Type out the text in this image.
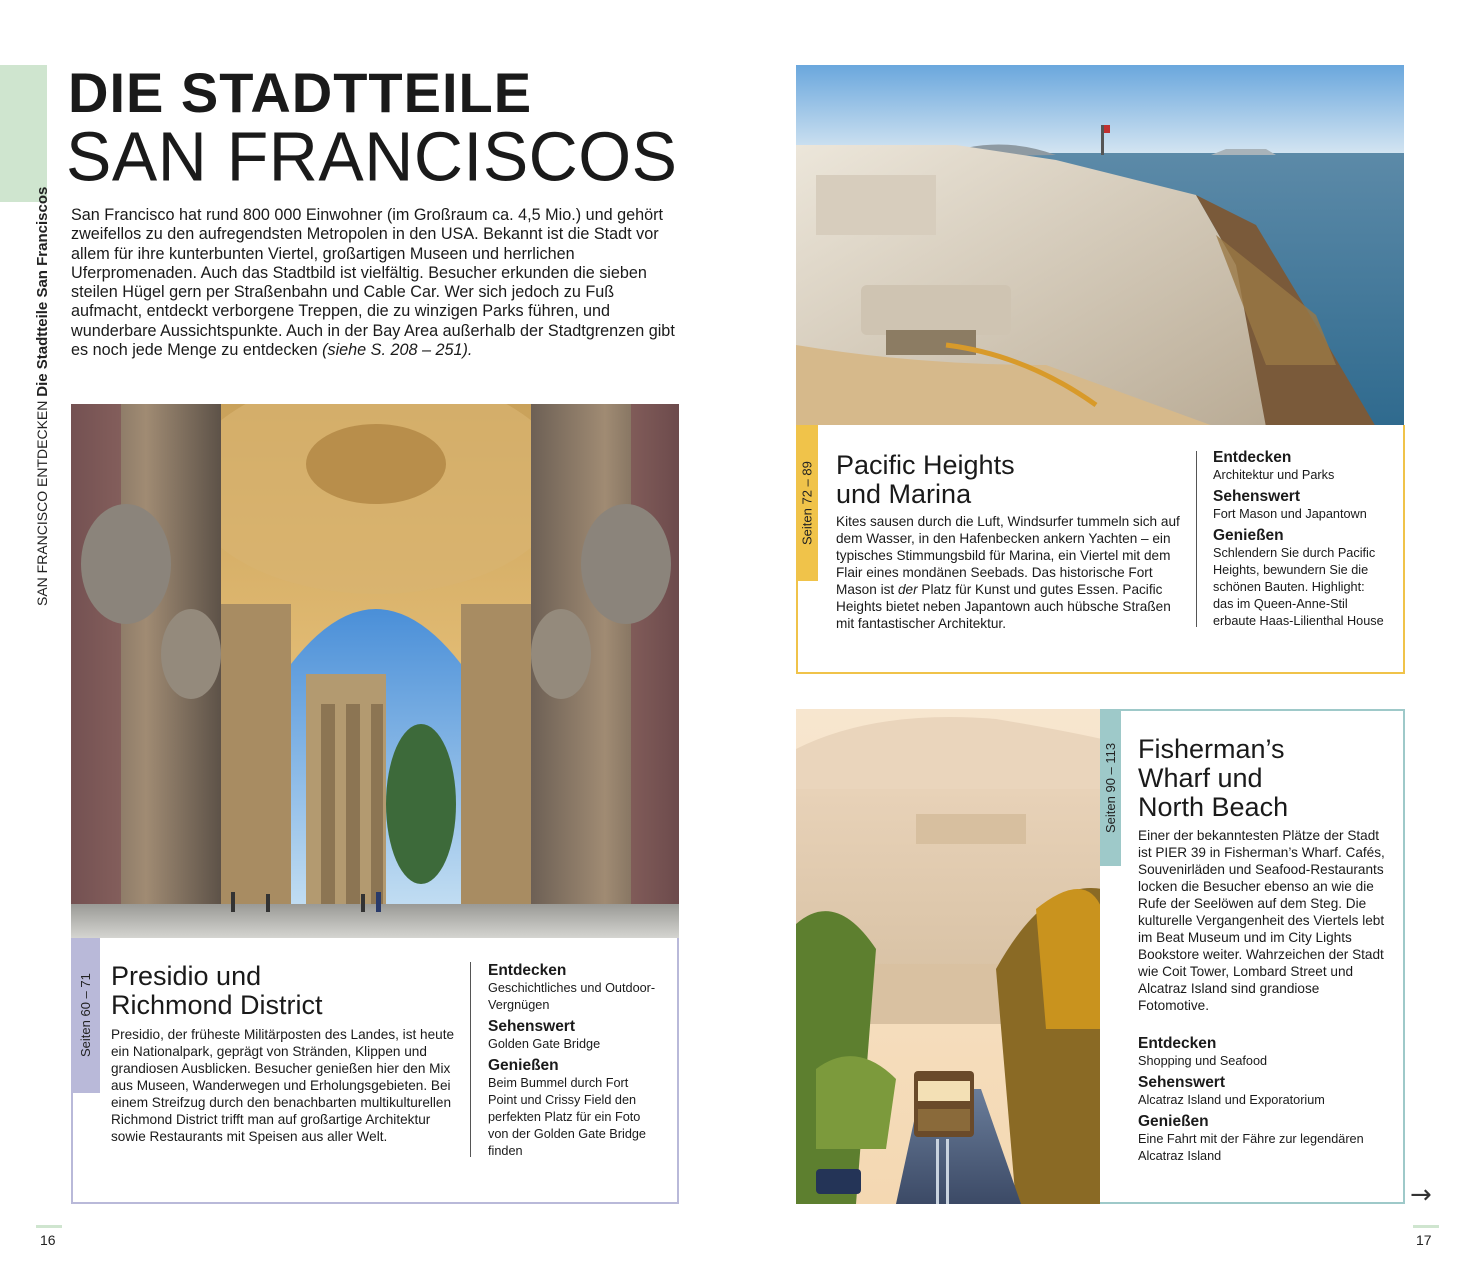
SAN FRANCISCO ENTDECKEN Die Stadtteile San Franciscos
DIE STADTTEILE
SAN FRANCISCOS
San Francisco hat rund 800 000 Einwohner (im Großraum ca. 4,5 Mio.) und gehört zweifellos zu den aufregendsten Metropolen in den USA. Bekannt ist die Stadt vor allem für ihre kunterbunten Viertel, großartigen Museen und herrlichen Uferpromenaden. Auch das Stadtbild ist vielfältig. Besucher erkunden die sieben steilen Hügel gern per Straßenbahn und Cable Car. Wer sich jedoch zu Fuß aufmacht, entdeckt verborgene Treppen, die zu winzigen Parks führen, und wunderbare Aussichtspunkte. Auch in der Bay Area außerhalb der Stadtgrenzen gibt es noch jede Menge zu entdecken (siehe S. 208 – 251).
Seiten 60 – 71 Presidio und
Richmond District
Presidio, der früheste Militärposten des Landes, ist heute ein Nationalpark, geprägt von Stränden, Klippen und grandiosen Ausblicken. Besucher genießen hier den Mix aus Museen, Wanderwegen und Erholungsgebieten. Bei einem Streifzug durch den benachbarten multikulturellen Richmond District trifft man auf großartige Architektur sowie Restaurants mit Speisen aus aller Welt.
Entdecken
Geschichtliches und Outdoor-Vergnügen
Sehenswert
Golden Gate Bridge
Genießen
Beim Bummel durch Fort Point und Crissy Field den perfekten Platz für ein Foto von der Golden Gate Bridge finden
16
Seiten 72 – 89 Pacific Heights
und Marina
Kites sausen durch die Luft, Windsurfer tummeln sich auf dem Wasser, in den Hafenbecken ankern Yachten – ein typisches Stimmungsbild für Marina, ein Viertel mit dem Flair eines mondänen Seebads. Das historische Fort Mason ist der Platz für Kunst und gutes Essen. Pacific Heights bietet neben Japantown auch hübsche Straßen mit fantastischer Architektur.
Entdecken
Architektur und Parks
Sehenswert
Fort Mason und Japantown
Genießen
Schlendern Sie durch Pacific Heights, bewundern Sie die schönen Bauten. Highlight: das im Queen-Anne-Stil erbaute Haas-Lilienthal House
Seiten 90 – 113 Fisherman’s
Wharf und
North Beach
Einer der bekanntesten Plätze der Stadt ist PIER 39 in Fisherman’s Wharf. Cafés, Souvenirläden und Seafood-Restaurants locken die Besucher ebenso an wie die Rufe der Seelöwen auf dem Steg. Die kulturelle Vergangenheit des Viertels lebt im Beat Museum und im City Lights Bookstore weiter. Wahrzeichen der Stadt wie Coit Tower, Lombard Street und Alcatraz Island sind grandiose Fotomotive.
Entdecken
Shopping und Seafood
Sehenswert
Alcatraz Island und Exporatorium
Genießen
Eine Fahrt mit der Fähre zur legendären Alcatraz Island
→
17
